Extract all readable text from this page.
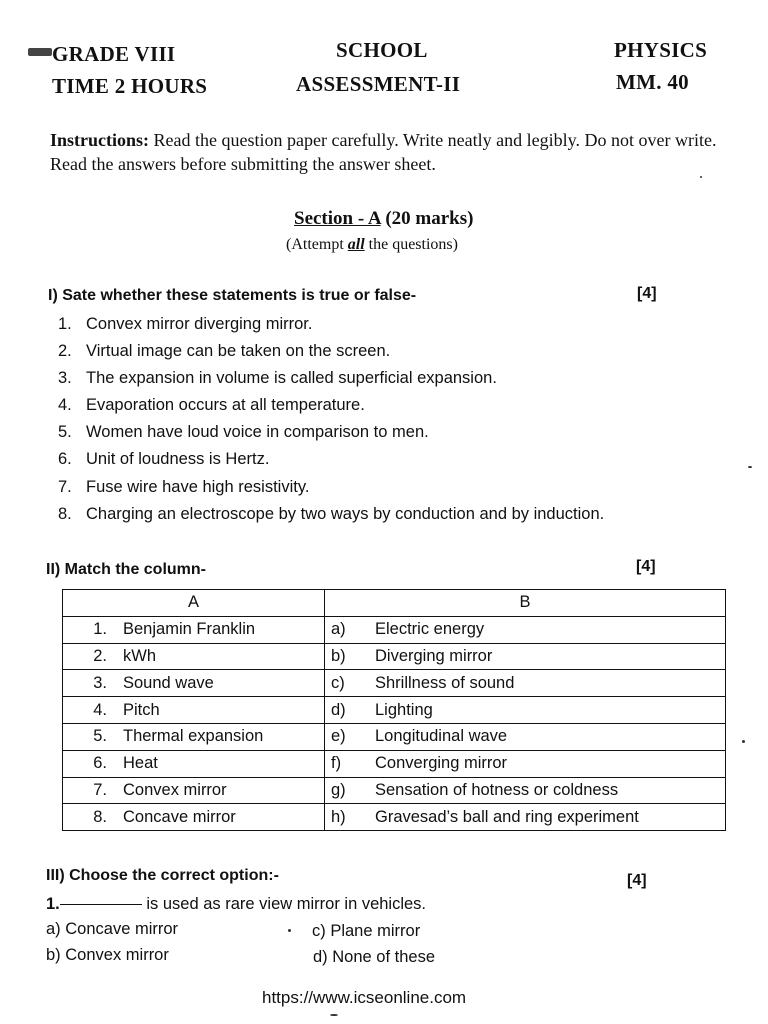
GRADE VIII
TIME 2 HOURS
SCHOOL
ASSESSMENT-II
PHYSICS
MM. 40
Instructions: Read the question paper carefully. Write neatly and legibly. Do not over write. Read the answers before submitting the answer sheet.
Section - A (20 marks)
(Attempt all the questions)
I) Sate whether these statements is true or false-	[4]
1. Convex mirror diverging mirror.
2. Virtual image can be taken on the screen.
3. The expansion in volume is called superficial expansion.
4. Evaporation occurs at all temperature.
5. Women have loud voice in comparison to men.
6. Unit of loudness is Hertz.
7. Fuse wire have high resistivity.
8. Charging an electroscope by two ways by conduction and by induction.
II) Match the column-	[4]
A	B

1. Benjamin Franklin	a) Electric energy

2. kWh	b) Diverging mirror

3. Sound wave	c) Shrillness of sound

4. Pitch	d) Lighting

5. Thermal expansion	e) Longitudinal wave

6. Heat	f) Converging mirror

7. Convex mirror	g) Sensation of hotness or coldness

8. Concave mirror	h) Gravesad’s ball and ring experiment
III) Choose the correct option:-	[4]
1.	is used as rare view mirror in vehicles.
a) Concave mirror	c) Plane mirror
b) Convex mirror	d) None of these
https://www.icseonline.com
